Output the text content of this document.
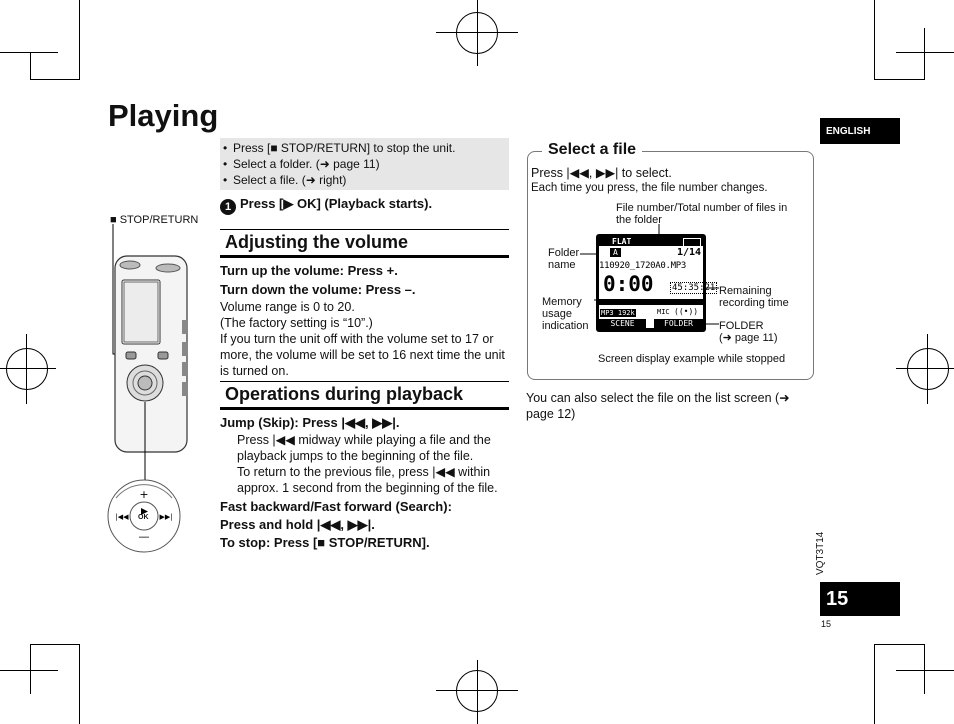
Playing	ENGLISH
VQT3T14
15
15
■ STOP/RETURN
+
—
|◀◀	▶▶|
OK
• Press [■ STOP/RETURN] to stop the unit.
• Select a folder. (➜ page 11)
• Select a file. (➜ right)
1 Press [▶ OK] (Playback starts).
Adjusting the volume
Turn up the volume: Press +.
Turn down the volume: Press –.
Volume range is 0 to 20.
(The factory setting is “10”.)
If you turn the unit off with the volume set to 17 or more, the volume will be set to 16 next time the unit is turned on.
Operations during playback
Jump (Skip): Press |◀◀, ▶▶|.
Press |◀◀ midway while playing a file and the playback jumps to the beginning of the file.
To return to the previous file, press |◀◀ within approx. 1 second from the beginning of the file.
Fast backward/Fast forward (Search):
Press and hold |◀◀, ▶▶|.
To stop: Press [■ STOP/RETURN].
Select a file
Press |◀◀, ▶▶| to select.
Each time you press, the file number changes.
File number/Total number of files in the folder
Folder name
Memory usage indication
Remaining recording time
FOLDER
(➜ page 11)
FLAT
A	1/14
110920_1720A0.MP3
0:00 45:35:21
MP3 192k	MIC ((•))
SCENE	FOLDER
Screen display example while stopped
You can also select the file on the list screen (➜ page 12)
